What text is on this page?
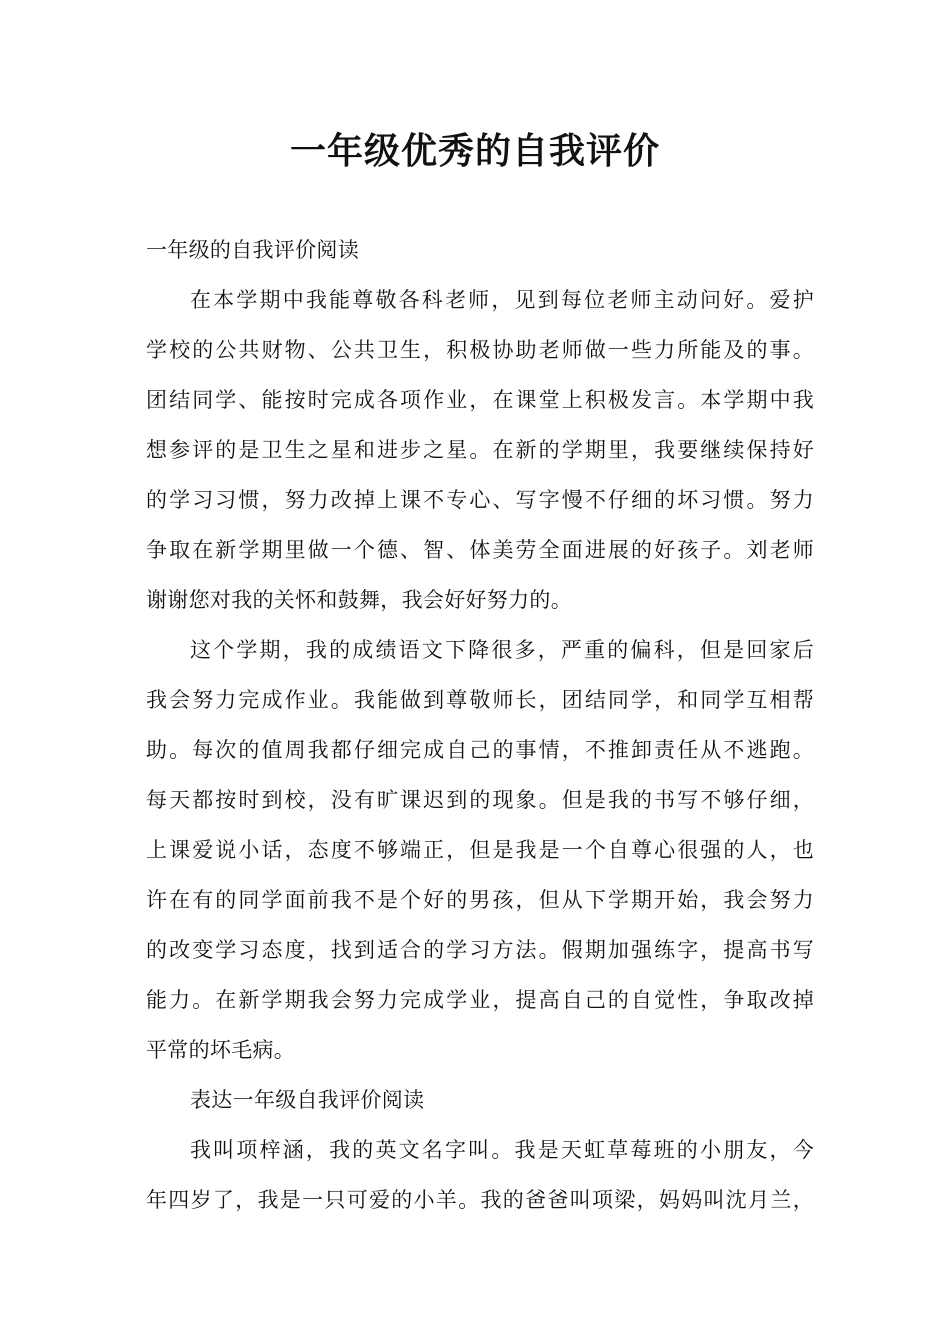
一年级优秀的自我评价
一年级的自我评价阅读
在本学期中我能尊敬各科老师，见到每位老师主动问好。爱护
学校的公共财物、公共卫生，积极协助老师做一些力所能及的事。
团结同学、能按时完成各项作业，在课堂上积极发言。本学期中我
想参评的是卫生之星和进步之星。在新的学期里，我要继续保持好
的学习习惯，努力改掉上课不专心、写字慢不仔细的坏习惯。努力
争取在新学期里做一个德、智、体美劳全面进展的好孩子。刘老师
谢谢您对我的关怀和鼓舞，我会好好努力的。
这个学期，我的成绩语文下降很多，严重的偏科，但是回家后
我会努力完成作业。我能做到尊敬师长，团结同学，和同学互相帮
助。每次的值周我都仔细完成自己的事情，不推卸责任从不逃跑。
每天都按时到校，没有旷课迟到的现象。但是我的书写不够仔细，
上课爱说小话，态度不够端正，但是我是一个自尊心很强的人，也
许在有的同学面前我不是个好的男孩，但从下学期开始，我会努力
的改变学习态度，找到适合的学习方法。假期加强练字，提高书写
能力。在新学期我会努力完成学业，提高自己的自觉性，争取改掉
平常的坏毛病。
表达一年级自我评价阅读
我叫项梓涵，我的英文名字叫。我是天虹草莓班的小朋友，今
年四岁了，我是一只可爱的小羊。我的爸爸叫项梁，妈妈叫沈月兰，
